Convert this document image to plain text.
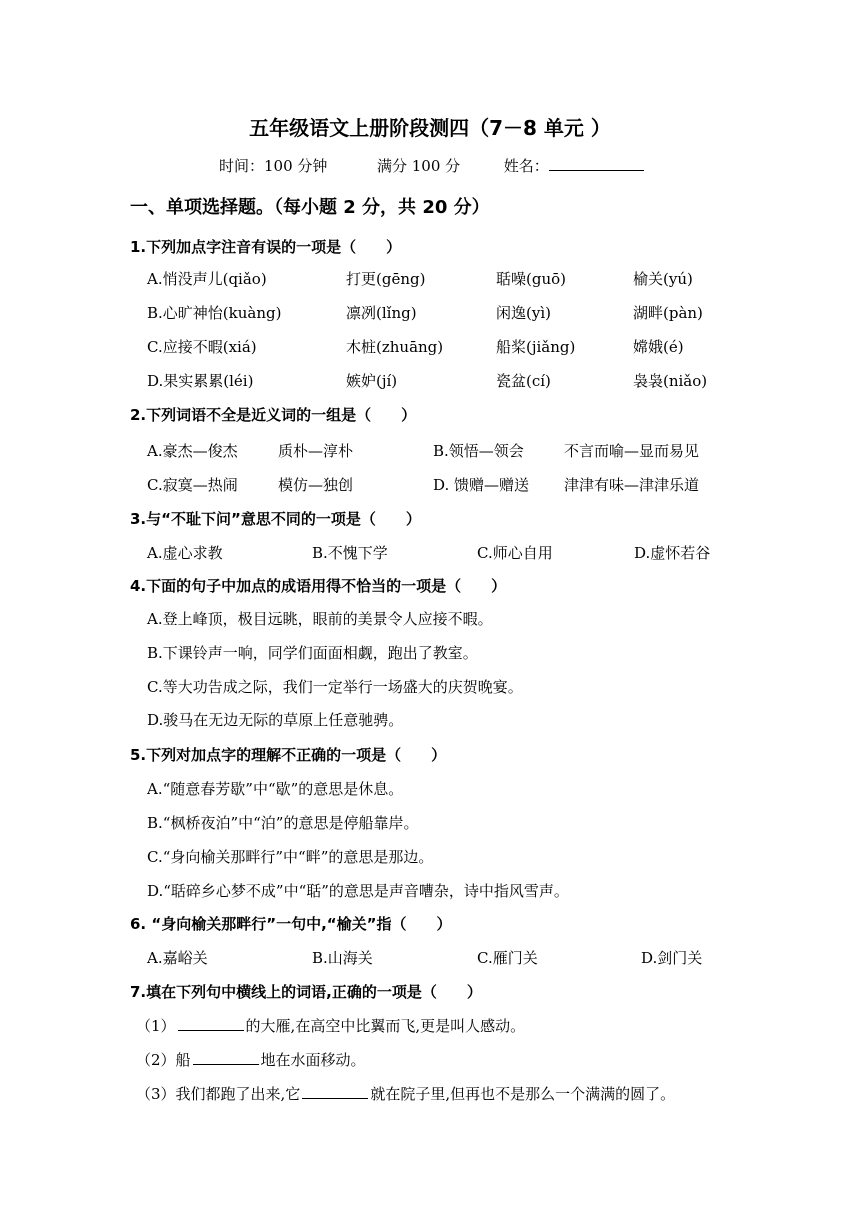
五年级语文上册阶段测四（7－8 单元 ）
时间：100 分钟	满分 100 分	姓名：
一、单项选择题。（每小题 2 分，共 20 分）
1.下列加点字注音有误的一项是（　　）
A.悄没声儿(qiǎo)	打更(gēng)	聒噪(guō)	榆关(yú)
B.心旷神怡(kuàng)	凛冽(lǐng)	闲逸(yì)	湖畔(pàn)
C.应接不暇(xiá)	木桩(zhuāng)	船桨(jiǎng)	嫦娥(é)
D.果实累累(léi)	嫉妒(jí)	瓷盆(cí)	袅袅(niǎo)
2.下列词语不全是近义词的一组是（　　）
A.豪杰—俊杰	质朴—淳朴	B.领悟—领会	不言而喻—显而易见
C.寂寞—热闹	模仿—独创	D. 馈赠—赠送 津津有味—津津乐道
3.与“不耻下问”意思不同的一项是（　　）
A.虚心求教	B.不愧下学	C.师心自用	D.虚怀若谷
4.下面的句子中加点的成语用得不恰当的一项是（　　）
A.登上峰顶，极目远眺，眼前的美景令人应接不暇。
B.下课铃声一响，同学们面面相觑，跑出了教室。
C.等大功告成之际，我们一定举行一场盛大的庆贺晚宴。
D.骏马在无边无际的草原上任意驰骋。
5.下列对加点字的理解不正确的一项是（　　）
A.“随意春芳歇”中“歇”的意思是休息。
B.“枫桥夜泊”中“泊”的意思是停船靠岸。
C.“身向榆关那畔行”中“畔”的意思是那边。
D.“聒碎乡心梦不成”中“聒”的意思是声音嘈杂，诗中指风雪声。
6. “身向榆关那畔行”一句中,“榆关”指（　　）
A.嘉峪关	B.山海关	C.雁门关	D.剑门关
7.填在下列句中横线上的词语,正确的一项是（　　）
（1）	的大雁,在高空中比翼而飞,更是叫人感动。
（2）船	地在水面移动。
（3）我们都跑了出来,它	就在院子里,但再也不是那么一个满满的圆了。
